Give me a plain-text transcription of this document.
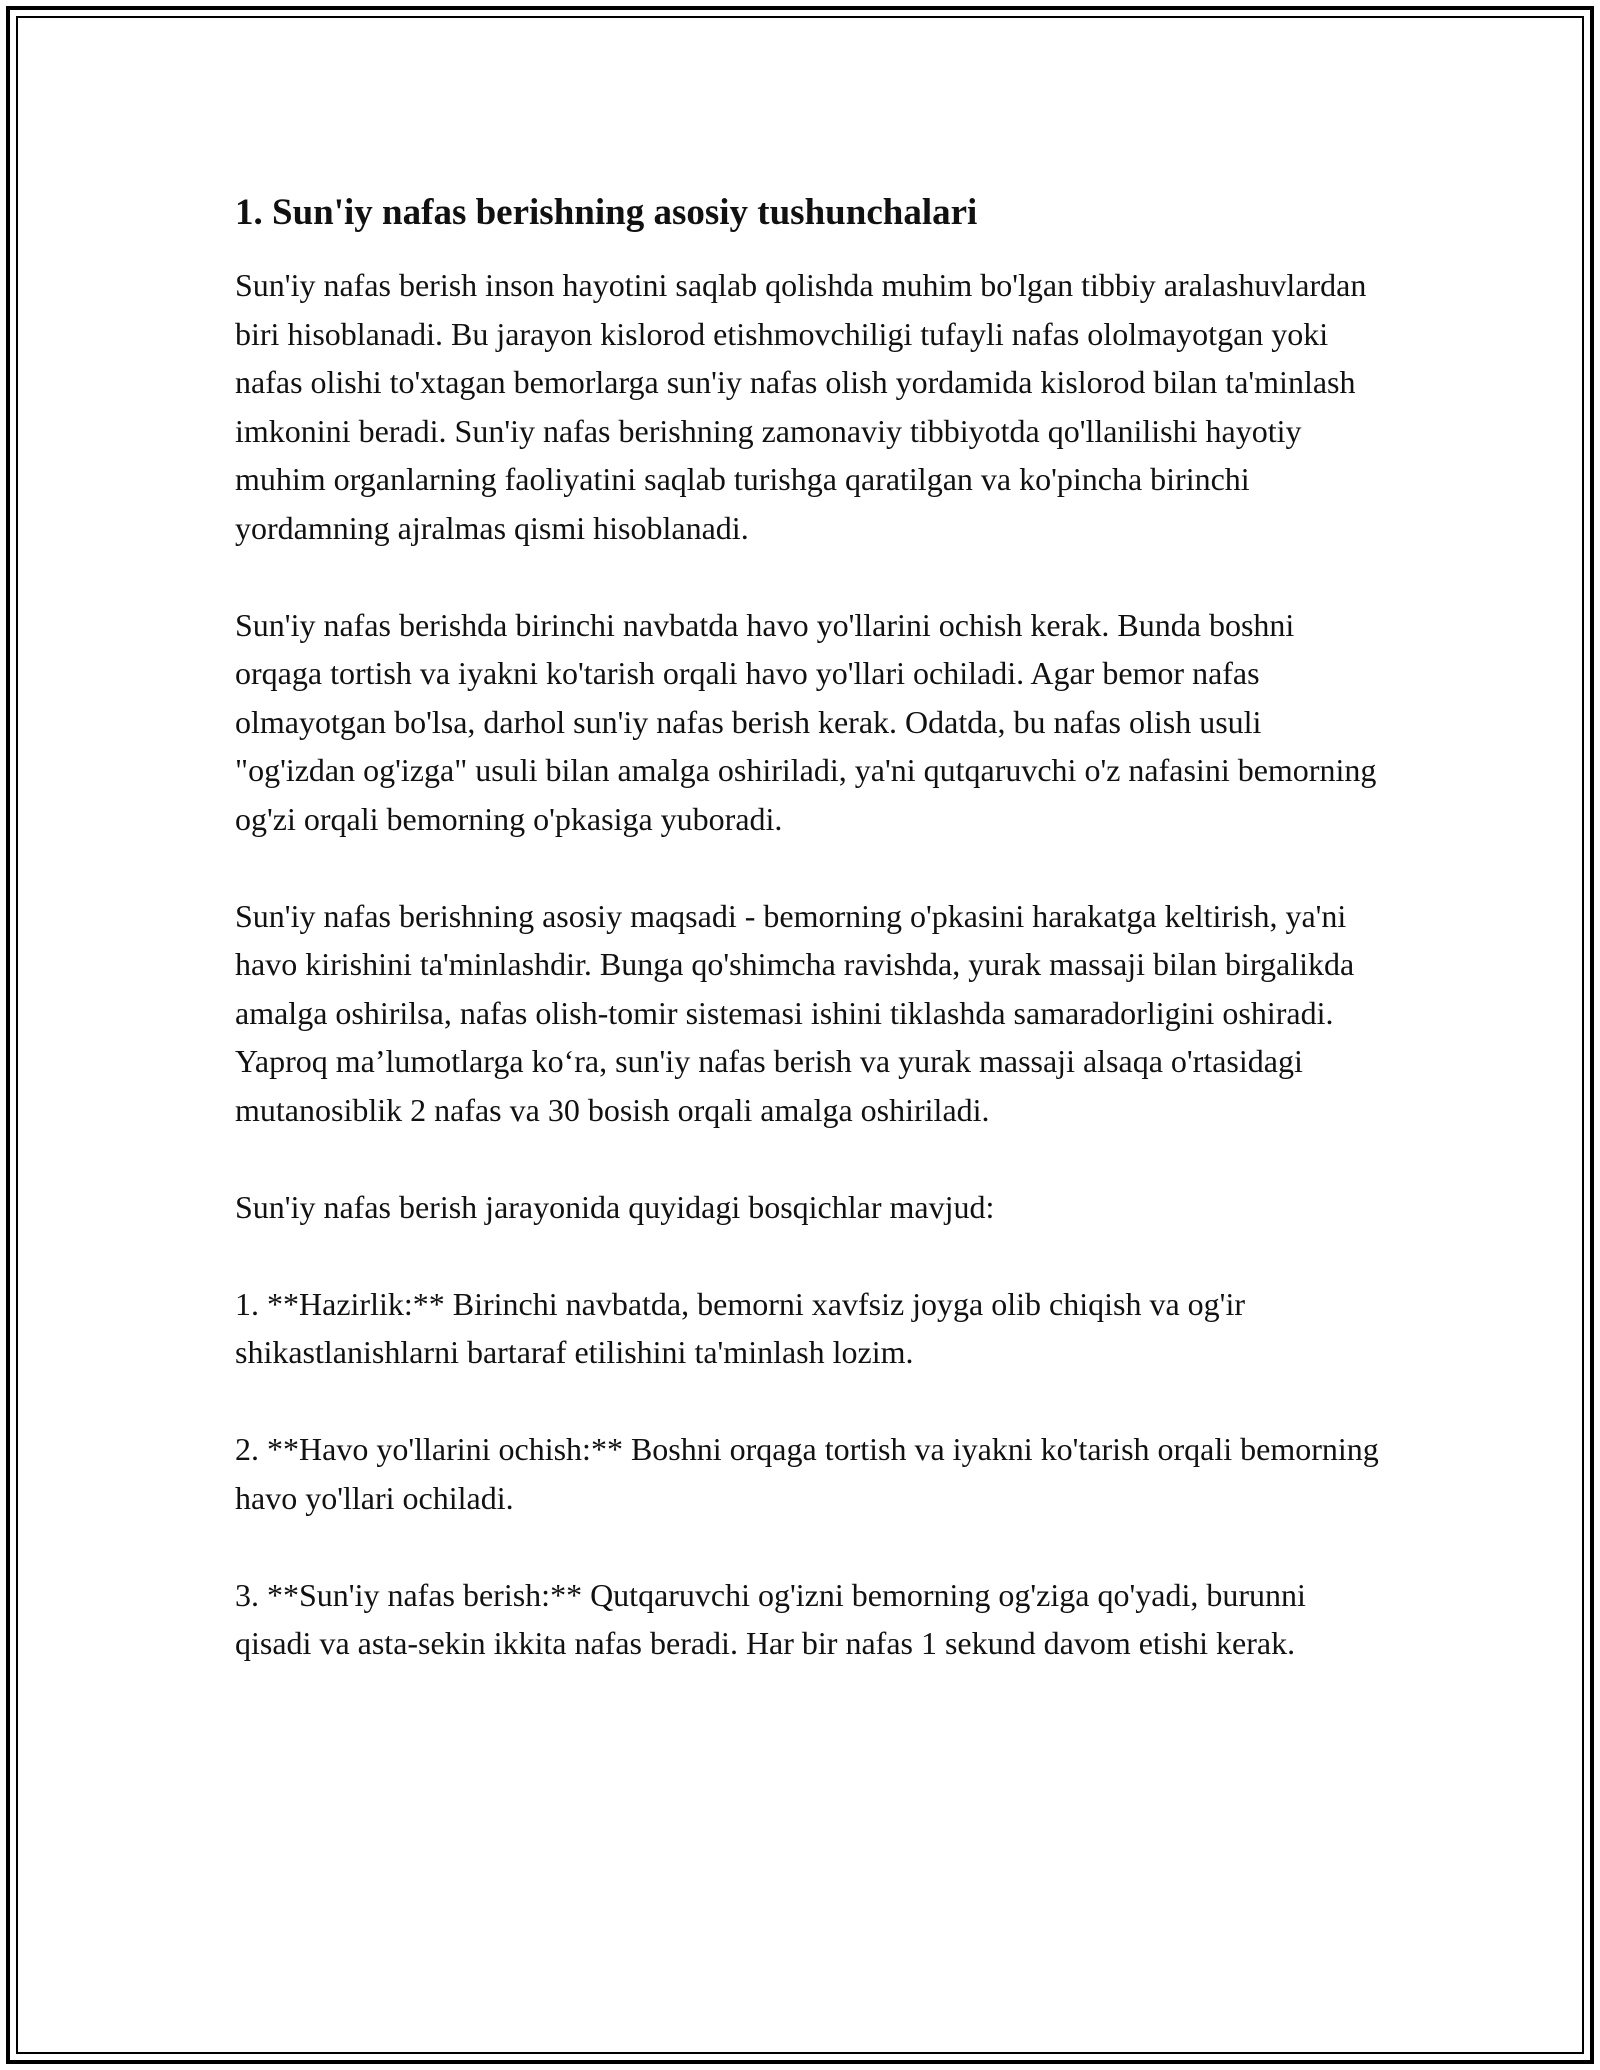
1. Sun'iy nafas berishning asosiy tushunchalari

Sun'iy nafas berish inson hayotini saqlab qolishda muhim bo'lgan tibbiy aralashuvlardan biri hisoblanadi. Bu jarayon kislorod etishmovchiligi tufayli nafas ololmayotgan yoki nafas olishi to'xtagan bemorlarga sun'iy nafas olish yordamida kislorod bilan ta'minlash imkonini beradi. Sun'iy nafas berishning zamonaviy tibbiyotda qo'llanilishi hayotiy muhim organlarning faoliyatini saqlab turishga qaratilgan va ko'pincha birinchi yordamning ajralmas qismi hisoblanadi.

Sun'iy nafas berishda birinchi navbatda havo yo'llarini ochish kerak. Bunda boshni orqaga tortish va iyakni ko'tarish orqali havo yo'llari ochiladi. Agar bemor nafas olmayotgan bo'lsa, darhol sun'iy nafas berish kerak. Odatda, bu nafas olish usuli "og'izdan og'izga" usuli bilan amalga oshiriladi, ya'ni qutqaruvchi o'z nafasini bemorning og'zi orqali bemorning o'pkasiga yuboradi.

Sun'iy nafas berishning asosiy maqsadi - bemorning o'pkasini harakatga keltirish, ya'ni havo kirishini ta'minlashdir. Bunga qo'shimcha ravishda, yurak massaji bilan birgalikda amalga oshirilsa, nafas olish-tomir sistemasi ishini tiklashda samaradorligini oshiradi. Yaproq ma’lumotlarga ko‘ra, sun'iy nafas berish va yurak massaji alsaqa o'rtasidagi mutanosiblik 2 nafas va 30 bosish orqali amalga oshiriladi.

Sun'iy nafas berish jarayonida quyidagi bosqichlar mavjud:

1. **Hazirlik:** Birinchi navbatda, bemorni xavfsiz joyga olib chiqish va og'ir shikastlanishlarni bartaraf etilishini ta'minlash lozim.

2. **Havo yo'llarini ochish:** Boshni orqaga tortish va iyakni ko'tarish orqali bemorning havo yo'llari ochiladi.

3. **Sun'iy nafas berish:** Qutqaruvchi og'izni bemorning og'ziga qo'yadi, burunni qisadi va asta-sekin ikkita nafas beradi. Har bir nafas 1 sekund davom etishi kerak.
